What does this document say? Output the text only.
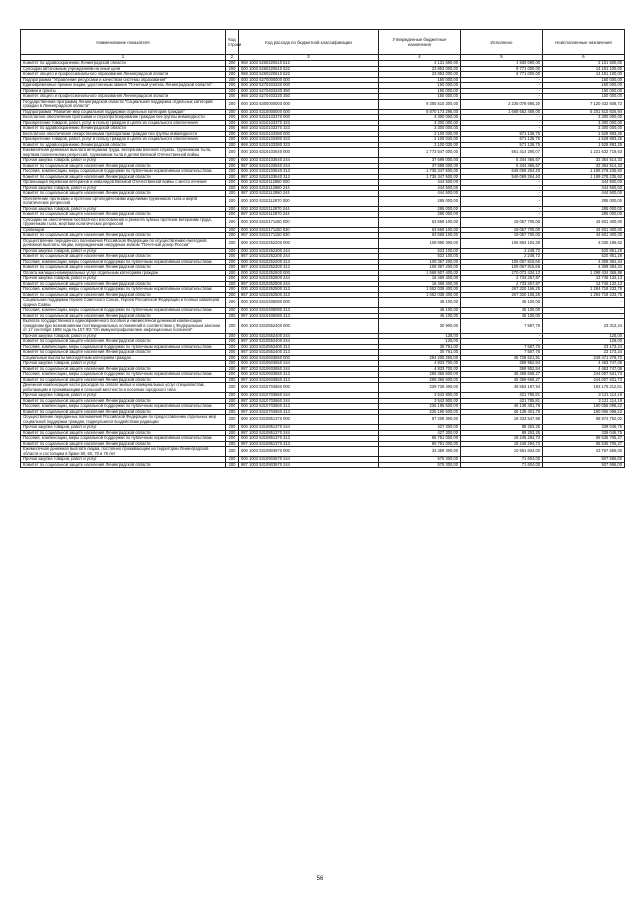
Наименование показателя	Код строки	Код расхода по бюджетной классификации	Утвержденные бюджетные назначения	Исполнено	Неисполненные назначения
1	2	3	4	5	6
Комитет по здравоохранению Ленинградской области	200	968 1003 5260220610 612	4 131 590,00	1 930 090,00	2 101 500,00
Субсидии автономным учреждениям на иные цели	200	000 1003 5260220610 622	23 853 000,00	9 771 000,00	14 181 100,00
Комитет общего и профессионального образования Ленинградской области	200	988 1003 5260220610 622	23 853 000,00	9 771 000,00	14 181 100,00
Подпрограмма "Управление ресурсами и качеством системы образования"	200	000 1003 5270000000 000	150 000,00	-	150 000,00
Единовременные премии лицам, удостоенным звания "Почетный учитель Ленинградской области"	200	000 1003 5270403330 000	150 000,00	-	150 000,00
Премии и гранты	200	000 1003 5270403330 350	150 000,00	-	150 000,00
Комитет общего и профессионального образования Ленинградской области	200	988 1003 5270403330 350	150 000,00	-	150 000,00
Государственная программа Ленинградской области "Социальная поддержка отдельных категорий граждан в Ленинградской области"	200	000 1003 5300000000 000	9 355 510 300,00	2 235 078 695,20	7 120 432 608,72
Подпрограмма "Развитие мер социальной поддержки отдельных категорий граждан"	200	000 1003 5310000000 000	6 870 173 296,00	1 668 662 469,06	5 201 510 826,94
Бесплатное обеспечение протезами и слухопротезирование граждан без группы инвалидности	200	000 1003 5310103370 000	3 300 000,00	-	3 300 000,00
Приобретение товаров, работ, услуг в пользу граждан в целях их социального обеспечения	200	000 1003 5310103370 323	3 300 000,00	-	3 300 000,00
Комитет по здравоохранению Ленинградской области	200	968 1003 5310103370 323	3 300 000,00	-	3 300 000,00
Бесплатное обеспечение лекарственными препаратами граждан без группы инвалидности	200	000 1003 5310103380 000	2 100 030,00	571 136,75	1 528 893,25
Приобретение товаров, работ, услуг в пользу граждан в целях их социального обеспечения	200	000 1003 5310103380 323	2 100 030,00	571 136,75	1 528 893,25
Комитет по здравоохранению Ленинградской области	200	968 1003 5310103380 323	2 100 030,00	571 136,75	1 528 893,25
Ежемесячная денежная выплата ветеранам труда, ветеранам военной службы, труженикам тыла, жертвам политических репрессий, труженикам тыла и детям Великой Отечественной войны	200	000 1003 5310103640 000	1 773 547 000,00	561 414 290,07	1 221 632 719,53
Прочая закупка товаров, работ и услуг	200	000 1003 5310103640 244	37 699 000,00	5 344 466,67	32 354 514,33
Комитет по социальной защите населения Ленинградской области	200	987 1003 5310103640 244	37 699 000,00	5 344 466,67	32 354 514,33
Пособия, компенсации, меры социальной поддержки по публичным нормативным обязательствам	200	000 1003 5310103640 313	1 735 347 500,00	546 069 264,40	1 189 278 235,60
Комитет по социальной защите населения Ленинградской области	200	987 1003 5310103640 313	1 735 347 500,00	546 069 264,40	1 189 278 235,60
Организация перевозки ветеранов и инвалидов Великой Отечественной войны с места лечения	200	000 1003 5310112860 000	444 500,00	-	444 500,00
Прочая закупка товаров, работ и услуг	200	000 1003 5310112860 244	444 500,00	-	444 500,00
Комитет по социальной защите населения Ленинградской области	200	987 1003 5310112860 244	444 500,00	-	444 500,00
Обеспечение протезами и протезно-ортопедическими изделиями тружеников тыла и жертв политических репрессий	200	000 1003 5310112870 000	285 000,00	-	285 000,00
Прочая закупка товаров, работ и услуг	200	000 1003 5310112870 244	285 000,00	-	285 000,00
Комитет по социальной защите населения Ленинградской области	200	987 1003 5310112870 244	285 000,00	-	285 000,00
Субсидии на обеспечение бесплатного изготовления и ремонта зубных протезов ветеранам труда, труженикам тыла, жертвам политических репрессий	200	000 1003 5310171150 000	63 669 100,00	19 057 700,00	44 601 400,00
Субвенции	200	000 1003 5310171150 530	63 669 100,00	19 057 700,00	44 601 400,00
Комитет по социальной защите населения Ленинградской области	200	987 1003 5310171150 530	63 669 100,00	19 057 700,00	44 601 400,00
Осуществление переданного полномочия Российской Федерации по осуществлению ежегодной денежной выплаты лицам, награжденным нагрудным знаком "Почетный донор России"	200	000 1003 5310252200 000	109 890 300,00	105 863 104,38	4 030 195,62
Прочая закупка товаров, работ и услуг	200	000 1003 5310252200 244	523 100,00	2 248,72	520 851,28
Комитет по социальной защите населения Ленинградской области	200	987 1003 5310252200 244	523 100,00	2 248,72	520 851,28
Пособия, компенсации, меры социальной поддержки по публичным нормативным обязательствам	200	000 1003 5310252200 313	109 367 200,00	105 067 815,66	4 309 384,34
Комитет по социальной защите населения Ленинградской области	200	987 1003 5310252200 313	109 367 200,00	105 067 815,66	4 309 384,34
Оплата жилищно-коммунальных услуг отдельным категориям граждан	200	000 1003 5310252500 000	1 568 507 400,00	270 073 434,13	1 298 434 365,88
Прочая закупка товаров, работ и услуг	200	000 1003 5310252500 244	16 469 400,00	2 733 267,87	13 745 132,13
Комитет по социальной защите населения Ленинградской области	200	987 1003 5310252500 244	16 469 400,00	2 733 267,87	13 745 132,13
Пособия, компенсации, меры социальной поддержки по публичным нормативным обязательствам	200	000 1003 5310252500 313	1 552 038 400,00	267 320 166,25	1 284 718 233,75
Комитет по социальной защите населения Ленинградской области	200	987 1003 5310252500 313	1 552 038 400,00	267 320 166,25	1 284 718 233,75
Социальная поддержка Героев Советского Союза, Героев Российской Федерации и полных кавалеров ордена Славы	200	000 1003 5310405090 000	45 100,00	45 100,00	-
Пособия, компенсации, меры социальной поддержки по публичным нормативным обязательствам	200	000 1003 5310405090 313	45 100,00	45 100,00	-
Комитет по социальной защите населения Ленинградской области	200	987 1003 5310405090 313	45 100,00	45 100,00	-
Выплата государственного единовременного пособия и ежемесячной денежной компенсации гражданам при возникновении поствакцинальных осложнений в соответствии с Федеральным законом от 17 сентября 1998 года № 157-ФЗ "Об иммунопрофилактике инфекционных болезней"	200	000 1003 5310552400 000	30 900,00	7 587,76	23 312,24
Прочая закупка товаров, работ и услуг	200	000 1003 5310552400 244	128,00	-	128,00
Комитет по социальной защите населения Ленинградской области	200	987 1003 5310552400 244	128,00	-	128,00
Пособия, компенсации, меры социальной поддержки по публичным нормативным обязательствам	200	000 1003 5310552400 313	30 761,00	7 587,76	23 173,24
Комитет по социальной защите населения Ленинградской области	200	987 1003 5310552400 313	30 761,00	7 587,76	23 173,24
Социальные выплаты многодетным категориям граждан	200	000 1003 5310603650 000	294 200 260,00	45 728 621,91	248 471 278,70
Прочая закупка товаров, работ и услуг	200	000 1003 5310603650 244	4 833 700,00	369 952,94	4 463 747,06
Комитет по социальной защите населения Ленинградской области	200	987 1003 5310603650 244	4 833 700,00	369 952,94	4 463 747,06
Пособия, компенсации, меры социальной поддержки по публичным нормативным обязательствам	200	000 1003 5310603650 313	289 366 600,00	45 359 668,27	244 007 531,73
Комитет по социальной защите населения Ленинградской области	200	987 1003 5310603650 313	289 366 600,00	45 359 668,27	244 007 531,73
Денежная компенсация части расходов по оплате жилья и коммунальных услуг специалистам, работающим и проживающим в сельской местности и поселках городского типа	200	000 1003 5310703660 000	239 738 400,00	46 563 187,94	193 175 212,61
Прочая закупка товаров, работ и услуг	200	000 1003 5310703660 244	3 542 900,00	421 785,81	3 121 114,19
Комитет по социальной защите населения Ленинградской области	200	987 1003 5310703660 244	3 542 900,00	421 785,81	3 121 114,19
Пособия, компенсации, меры социальной поддержки по публичным нормативным обязательствам	200	000 1003 5310703660 313	236 195 500,00	46 139 401,78	190 056 098,22
Комитет по социальной защите населения Ленинградской области	200	987 1003 5310703660 313	236 195 500,00	46 139 401,78	190 056 098,22
Осуществление переданных полномочий Российской Федерации по предоставлению отдельных мер социальной поддержки граждан, подвергшихся воздействию радиации	200	000 1003 5310851370 000	87 208 300,00	18 333 547,95	68 874 752,02
Прочая закупка товаров, работ и услуг	200	000 1003 5310851370 244	427 300,00	88 253,25	339 046,75
Комитет по социальной защите населения Ленинградской области	200	987 1003 5310851370 244	427 300,00	88 253,25	339 046,75
Пособия, компенсации, меры социальной поддержки по публичным нормативным обязательствам	200	000 1003 5310851370 313	86 781 000,00	18 245 294,73	68 535 705,27
Комитет по социальной защите населения Ленинградской области	200	987 1003 5310851370 313	86 781 000,00	18 245 294,73	68 535 705,27
Ежемесячная денежная выплата лицам, постоянно проживающим на территории Ленинградской области и состоящим в браке 50, 60, 70 и 75 лет	200	000 1003 5310903670 000	34 359 300,00	10 591 634,00	23 767 666,00
Прочая закупка товаров, работ и услуг	200	000 1003 5310903670 244	579 300,00	71 604,00	507 696,00
Комитет по социальной защите населения Ленинградской области	200	987 1003 5310903670 244	579 300,00	71 604,00	507 696,00
56
